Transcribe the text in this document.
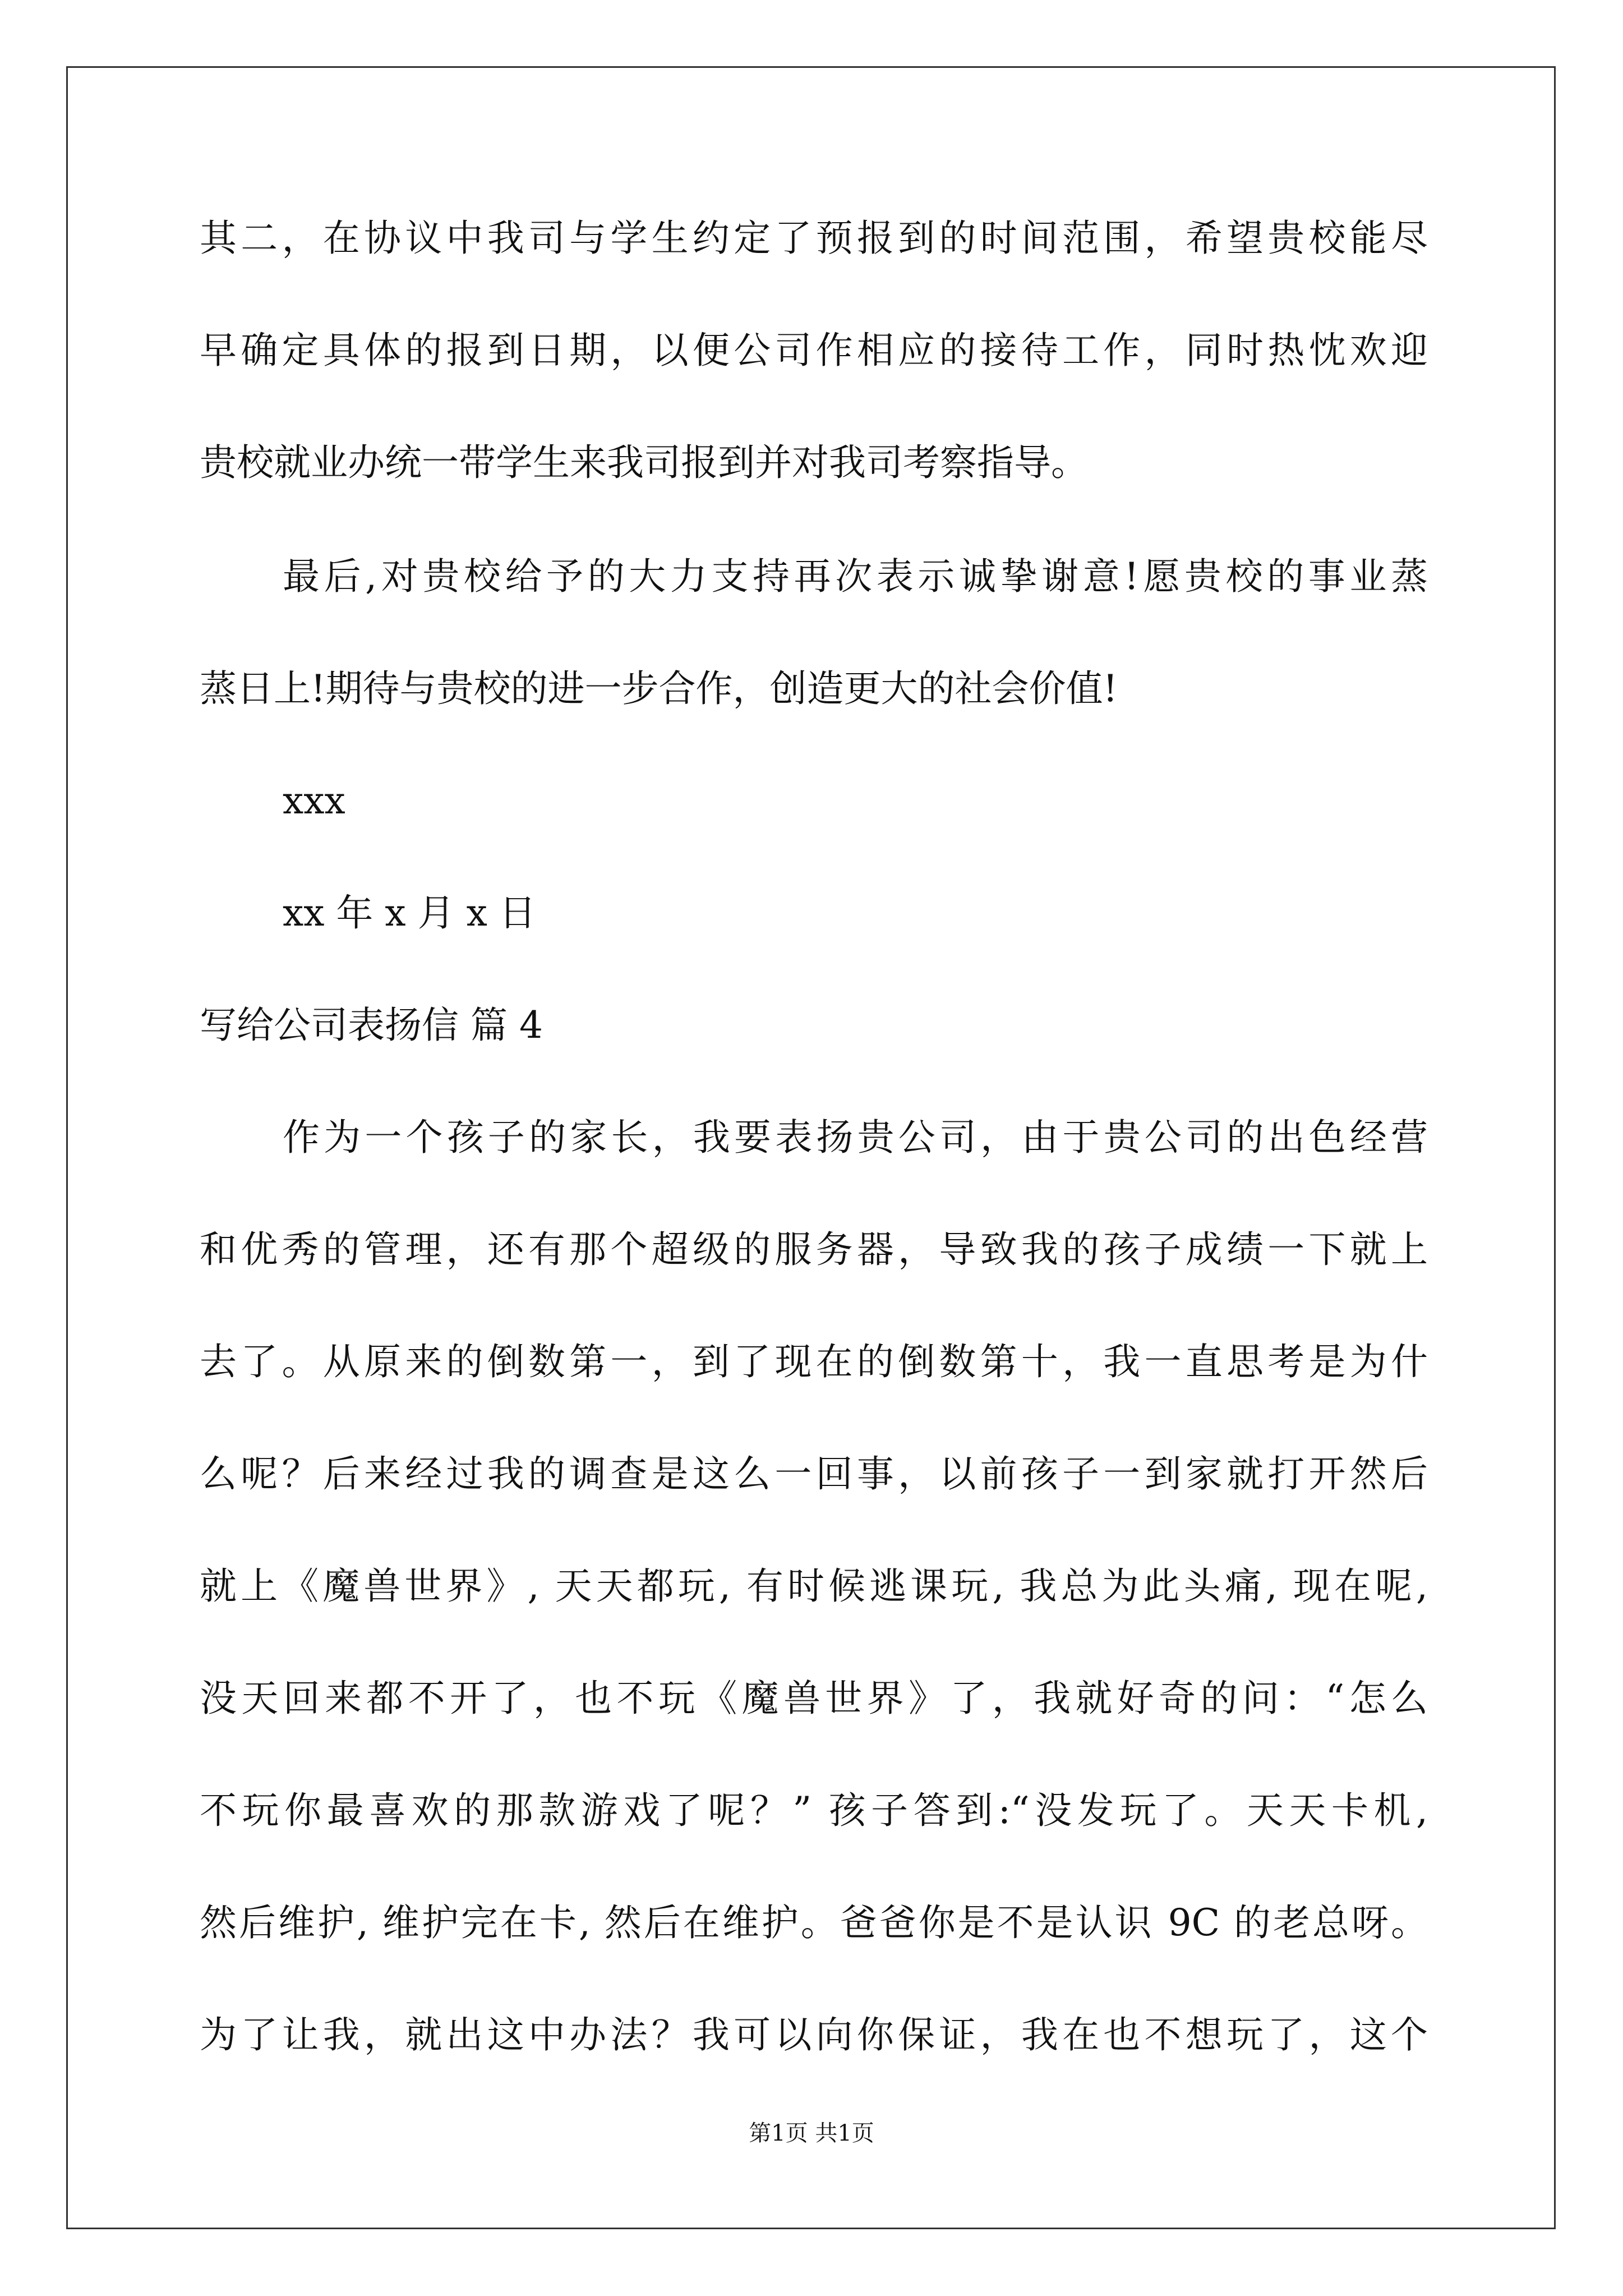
其二，在协议中我司与学生约定了预报到的时间范围，希望贵校能尽
早确定具体的报到日期，以便公司作相应的接待工作，同时热忱欢迎
贵校就业办统一带学生来我司报到并对我司考察指导。
最后,对贵校给予的大力支持再次表示诚挚谢意!愿贵校的事业蒸
蒸日上!期待与贵校的进一步合作，创造更大的社会价值!
xxx
xx 年 x 月 x 日
写给公司表扬信 篇 4
作为一个孩子的家长，我要表扬贵公司，由于贵公司的出色经营
和优秀的管理，还有那个超级的服务器，导致我的孩子成绩一下就上
去了。从原来的倒数第一，到了现在的倒数第十，我一直思考是为什
么呢？后来经过我的调查是这么一回事，以前孩子一到家就打开然后
就上《魔兽世界》, 天天都玩, 有时候逃课玩, 我总为此头痛, 现在呢,
没天回来都不开了，也不玩《魔兽世界》了，我就好奇的问：“怎么
不玩你最喜欢的那款游戏了呢？” 孩子答到:“没发玩了。天天卡机,
然后维护, 维护完在卡, 然后在维护。爸爸你是不是认识 9C 的老总呀。
为了让我，就出这中办法？我可以向你保证，我在也不想玩了，这个
第1页 共1页
